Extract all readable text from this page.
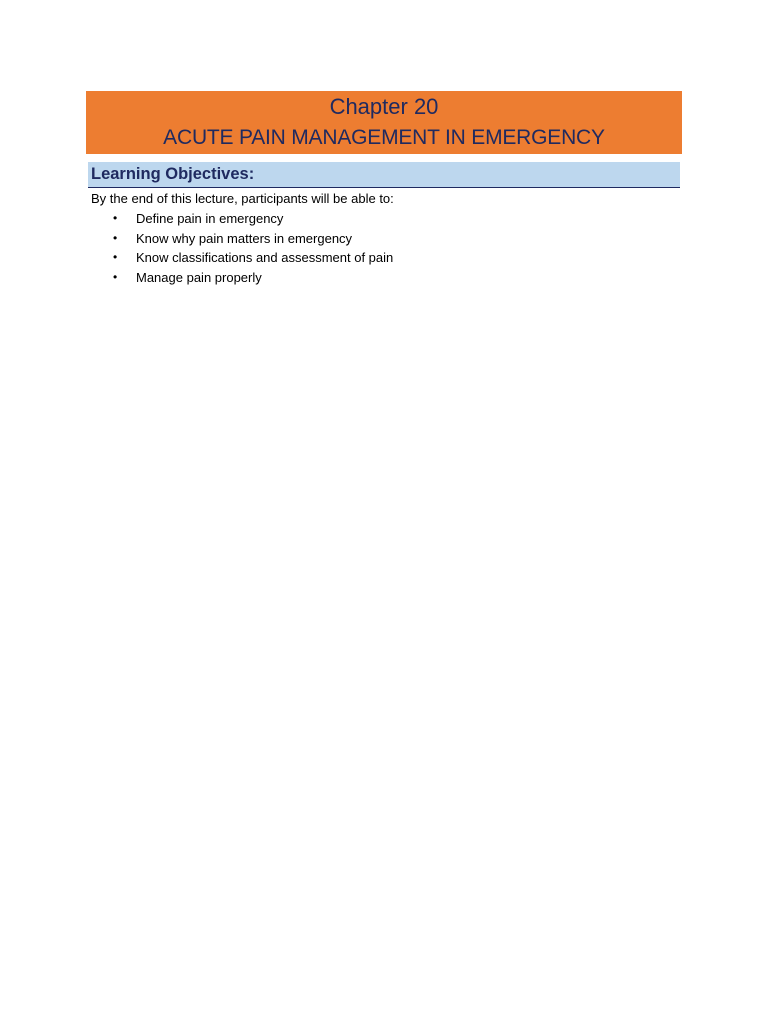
Chapter 20
ACUTE PAIN MANAGEMENT IN EMERGENCY
Learning Objectives:
By the end of this lecture, participants will be able to:
• Define pain in emergency
• Know why pain matters in emergency
• Know classifications and assessment of pain
• Manage pain properly
